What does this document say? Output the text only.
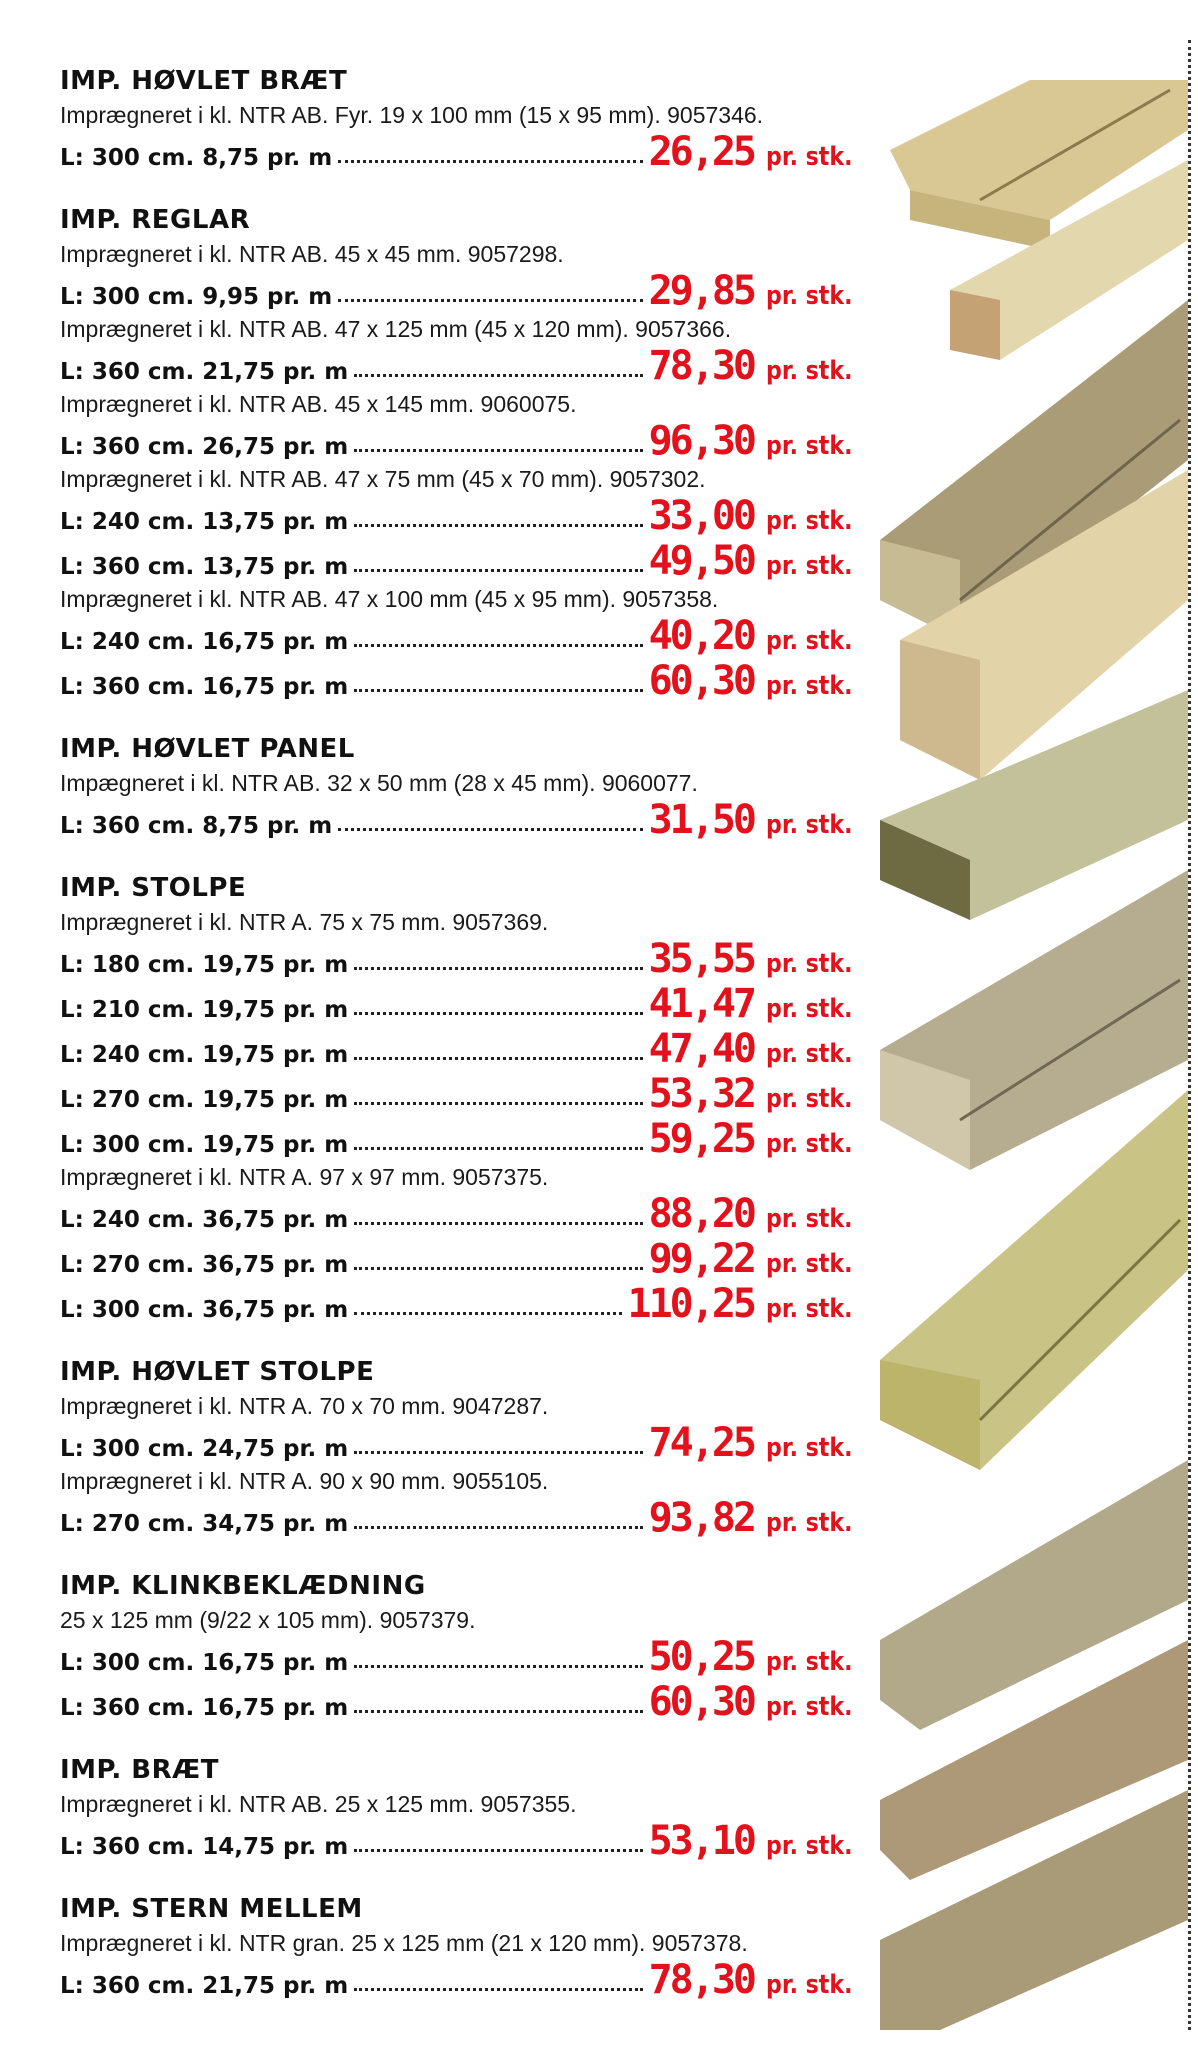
IMP. HØVLET BRÆT
Imprægneret i kl. NTR AB. Fyr. 19 x 100 mm (15 x 95 mm). 9057346.
L: 300 cm. 8,75 pr. m	26,25 pr. stk.
IMP. REGLAR
Imprægneret i kl. NTR AB. 45 x 45 mm. 9057298.
L: 300 cm. 9,95 pr. m	29,85 pr. stk.
Imprægneret i kl. NTR AB. 47 x 125 mm (45 x 120 mm). 9057366.
L: 360 cm. 21,75 pr. m	78,30 pr. stk.
Imprægneret i kl. NTR AB. 45 x 145 mm. 9060075.
L: 360 cm. 26,75 pr. m	96,30 pr. stk.
Imprægneret i kl. NTR AB. 47 x 75 mm (45 x 70 mm). 9057302.
L: 240 cm. 13,75 pr. m	33,00 pr. stk.
L: 360 cm. 13,75 pr. m	49,50 pr. stk.
Imprægneret i kl. NTR AB. 47 x 100 mm (45 x 95 mm). 9057358.
L: 240 cm. 16,75 pr. m	40,20 pr. stk.
L: 360 cm. 16,75 pr. m	60,30 pr. stk.
IMP. HØVLET PANEL
Impægneret i kl. NTR AB. 32 x 50 mm (28 x 45 mm). 9060077.
L: 360 cm. 8,75 pr. m	31,50 pr. stk.
IMP. STOLPE
Imprægneret i kl. NTR A. 75 x 75 mm. 9057369.
L: 180 cm. 19,75 pr. m	35,55 pr. stk.
L: 210 cm. 19,75 pr. m	41,47 pr. stk.
L: 240 cm. 19,75 pr. m	47,40 pr. stk.
L: 270 cm. 19,75 pr. m	53,32 pr. stk.
L: 300 cm. 19,75 pr. m	59,25 pr. stk.
Imprægneret i kl. NTR A. 97 x 97 mm. 9057375.
L: 240 cm. 36,75 pr. m	88,20 pr. stk.
L: 270 cm. 36,75 pr. m	99,22 pr. stk.
L: 300 cm. 36,75 pr. m	110,25 pr. stk.
IMP. HØVLET STOLPE
Imprægneret i kl. NTR A. 70 x 70 mm. 9047287.
L: 300 cm. 24,75 pr. m	74,25 pr. stk.
Imprægneret i kl. NTR A. 90 x 90 mm. 9055105.
L: 270 cm. 34,75 pr. m	93,82 pr. stk.
IMP. KLINKBEKLÆDNING
25 x 125 mm (9/22 x 105 mm). 9057379.
L: 300 cm. 16,75 pr. m	50,25 pr. stk.
L: 360 cm. 16,75 pr. m	60,30 pr. stk.
IMP. BRÆT
Imprægneret i kl. NTR AB. 25 x 125 mm. 9057355.
L: 360 cm. 14,75 pr. m	53,10 pr. stk.
IMP. STERN MELLEM
Imprægneret i kl. NTR gran. 25 x 125 mm (21 x 120 mm). 9057378.
L: 360 cm. 21,75 pr. m	78,30 pr. stk.
